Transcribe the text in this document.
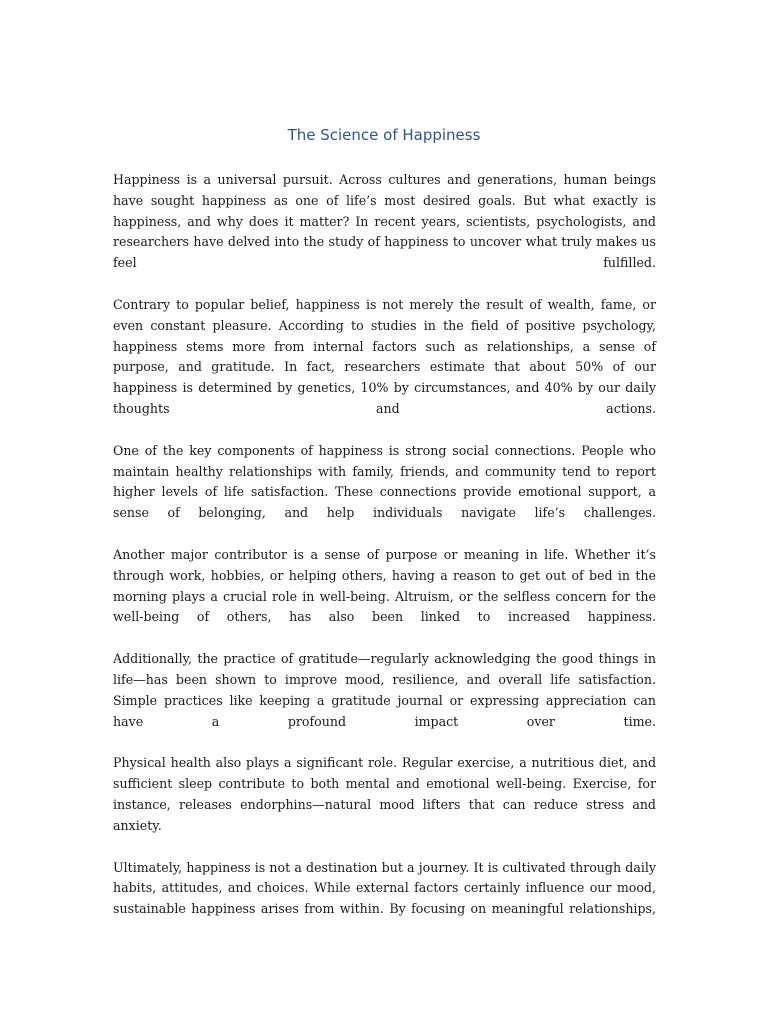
The Science of Happiness

Happiness is a universal pursuit. Across cultures and generations, human beings have sought happiness as one of life’s most desired goals. But what exactly is happiness, and why does it matter? In recent years, scientists, psychologists, and researchers have delved into the study of happiness to uncover what truly makes us feel fulfilled.

Contrary to popular belief, happiness is not merely the result of wealth, fame, or even constant pleasure. According to studies in the field of positive psychology, happiness stems more from internal factors such as relationships, a sense of purpose, and gratitude. In fact, researchers estimate that about 50% of our happiness is determined by genetics, 10% by circumstances, and 40% by our daily thoughts and actions.

One of the key components of happiness is strong social connections. People who maintain healthy relationships with family, friends, and community tend to report higher levels of life satisfaction. These connections provide emotional support, a sense of belonging, and help individuals navigate life’s challenges.

Another major contributor is a sense of purpose or meaning in life. Whether it’s through work, hobbies, or helping others, having a reason to get out of bed in the morning plays a crucial role in well-being. Altruism, or the selfless concern for the well-being of others, has also been linked to increased happiness.

Additionally, the practice of gratitude—regularly acknowledging the good things in life—has been shown to improve mood, resilience, and overall life satisfaction. Simple practices like keeping a gratitude journal or expressing appreciation can have a profound impact over time.

Physical health also plays a significant role. Regular exercise, a nutritious diet, and sufficient sleep contribute to both mental and emotional well-being. Exercise, for instance, releases endorphins—natural mood lifters that can reduce stress and anxiety.

Ultimately, happiness is not a destination but a journey. It is cultivated through daily habits, attitudes, and choices. While external factors certainly influence our mood, sustainable happiness arises from within. By focusing on meaningful relationships,
